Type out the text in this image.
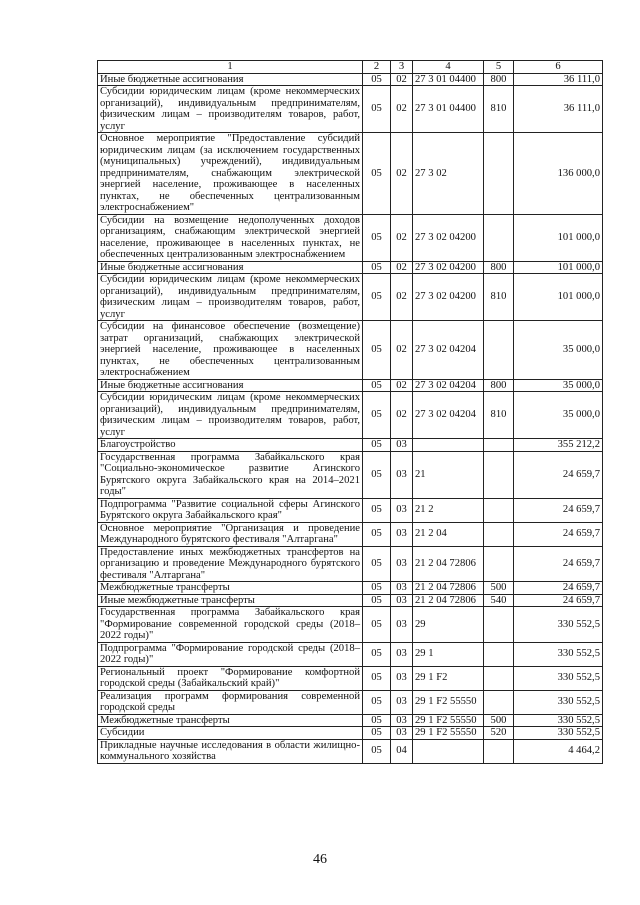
1	2	3	4	5	6
Иные бюджетные ассигнования	05	02	27 3 01 04400	800	36 111,0
Субсидии юридическим лицам (кроме некоммерческих организаций), индивидуальным предпринимателям, физическим лицам – производителям товаров, работ, услуг	05	02	27 3 01 04400	810	36 111,0
Основное мероприятие "Предоставление субсидий юридическим лицам (за исключением государственных (муниципальных) учреждений), индивидуальным предпринимателям, снабжающим электрической энергией население, проживающее в населенных пунктах, не обеспеченных централизованным электроснабжением"	05	02	27 3 02		136 000,0
Субсидии на возмещение недополученных доходов организациям, снабжающим электрической энергией население, проживающее в населенных пунктах, не обеспеченных централизованным электроснабжением	05	02	27 3 02 04200		101 000,0
Иные бюджетные ассигнования	05	02	27 3 02 04200	800	101 000,0
Субсидии юридическим лицам (кроме некоммерческих организаций), индивидуальным предпринимателям, физическим лицам – производителям товаров, работ, услуг	05	02	27 3 02 04200	810	101 000,0
Субсидии на финансовое обеспечение (возмещение) затрат организаций, снабжающих электрической энергией население, проживающее в населенных пунктах, не обеспеченных централизованным электроснабжением	05	02	27 3 02 04204		35 000,0
Иные бюджетные ассигнования	05	02	27 3 02 04204	800	35 000,0
Субсидии юридическим лицам (кроме некоммерческих организаций), индивидуальным предпринимателям, физическим лицам – производителям товаров, работ, услуг	05	02	27 3 02 04204	810	35 000,0
Благоустройство	05	03			355 212,2
Государственная программа Забайкальского края "Социально-экономическое развитие Агинского Бурятского округа Забайкальского края на 2014–2021 годы"	05	03	21		24 659,7
Подпрограмма "Развитие социальной сферы Агинского Бурятского округа Забайкальского края"	05	03	21 2		24 659,7
Основное мероприятие "Организация и проведение Международного бурятского фестиваля "Алтаргана"	05	03	21 2 04		24 659,7
Предоставление иных межбюджетных трансфертов на организацию и проведение Международного бурятского фестиваля "Алтаргана"	05	03	21 2 04 72806		24 659,7
Межбюджетные трансферты	05	03	21 2 04 72806	500	24 659,7
Иные межбюджетные трансферты	05	03	21 2 04 72806	540	24 659,7
Государственная программа Забайкальского края "Формирование современной городской среды (2018–2022 годы)"	05	03	29		330 552,5
Подпрограмма "Формирование городской среды (2018–2022 годы)"	05	03	29 1		330 552,5
Региональный проект "Формирование комфортной городской среды (Забайкальский край)"	05	03	29 1 F2		330 552,5
Реализация программ формирования современной городской среды	05	03	29 1 F2 55550		330 552,5
Межбюджетные трансферты	05	03	29 1 F2 55550	500	330 552,5
Субсидии	05	03	29 1 F2 55550	520	330 552,5
Прикладные научные исследования в области жилищно-коммунального хозяйства	05	04			4 464,2
46
